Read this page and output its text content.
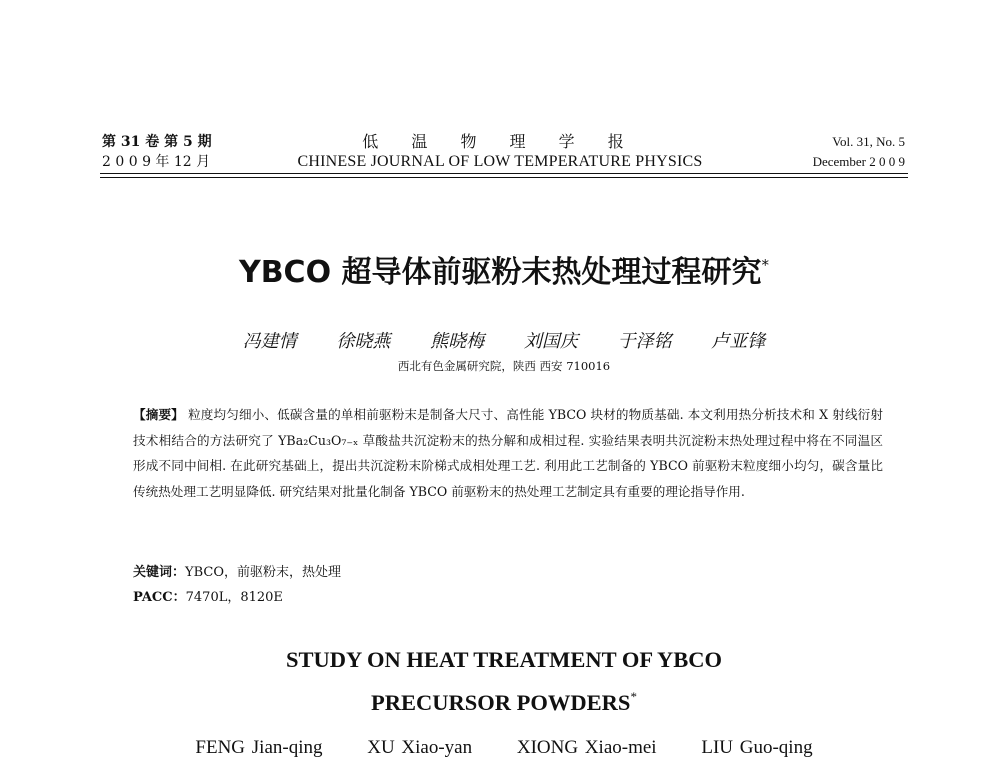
第 31 卷 第 5 期
2 0 0 9 年 12 月
低 温 物 理 学 报
CHINESE JOURNAL OF LOW TEMPERATURE PHYSICS
Vol. 31, No. 5
December 2 0 0 9
YBCO 超导体前驱粉末热处理过程研究*
冯建情 徐晓燕 熊晓梅 刘国庆 于泽铭 卢亚锋
西北有色金属研究院，陕西 西安 710016
【摘要】 粒度均匀细小、低碳含量的单相前驱粉末是制备大尺寸、高性能 YBCO 块材的物质基础. 本文利用热分析技术和 X 射线衍射技术相结合的方法研究了 YBa₂Cu₃O₇₋ₓ 草酸盐共沉淀粉末的热分解和成相过程. 实验结果表明共沉淀粉末热处理过程中将在不同温区形成不同中间相. 在此研究基础上，提出共沉淀粉末阶梯式成相处理工艺. 利用此工艺制备的 YBCO 前驱粉末粒度细小均匀，碳含量比传统热处理工艺明显降低. 研究结果对批量化制备 YBCO 前驱粉末的热处理工艺制定具有重要的理论指导作用.
关键词：YBCO，前驱粉末，热处理
PACC：7470L，8120E
STUDY ON HEAT TREATMENT OF YBCO
PRECURSOR POWDERS*
FENG Jian-qing XU Xiao-yan XIONG Xiao-mei LIU Guo-qing
